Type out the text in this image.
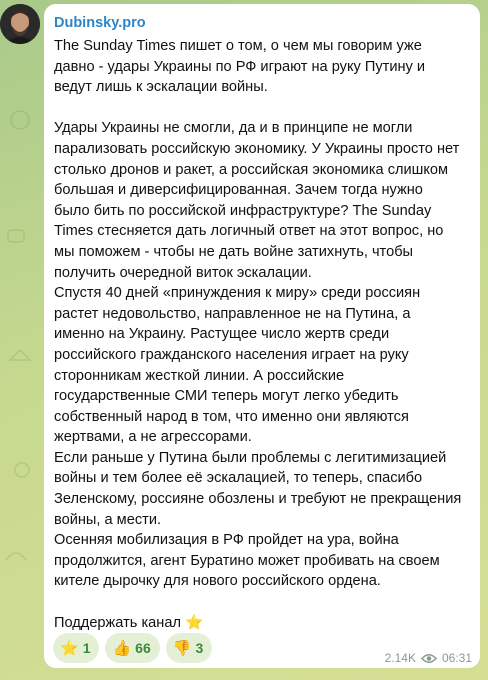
Dubinsky.pro
The Sunday Times пишет о том, о чем мы говорим уже давно - удары Украины по РФ играют на руку Путину и ведут лишь к эскалации войны.

Удары Украины не смогли, да и в принципе не могли парализовать российскую экономику. У Украины просто нет столько дронов и ракет, а российская экономика слишком большая и диверсифицированная. Зачем тогда нужно было бить по российской инфраструктуре? The Sunday Times стесняется дать логичный ответ на этот вопрос, но мы поможем - чтобы не дать войне затихнуть, чтобы получить очередной виток эскалации.
Спустя 40 дней «принуждения к миру» среди россиян растет недовольство, направленное не на Путина, а именно на Украину. Растущее число жертв среди российского гражданского населения играет на руку сторонникам жесткой линии. А российские государственные СМИ теперь могут легко убедить собственный народ в том, что именно они являются жертвами, а не агрессорами.
Если раньше у Путина были проблемы с легитимизацией войны и тем более её эскалацией, то теперь, спасибо Зеленскому, россияне обозлены и требуют не прекращения войны, а мести.
Осенняя мобилизация в РФ пройдет на ура, война продолжится, агент Буратино может пробивать на своем кителе дырочку для нового российского ордена.

Поддержать канал ⭐
⭐ 1 👍 66 👎 3
2.14K 06:31
